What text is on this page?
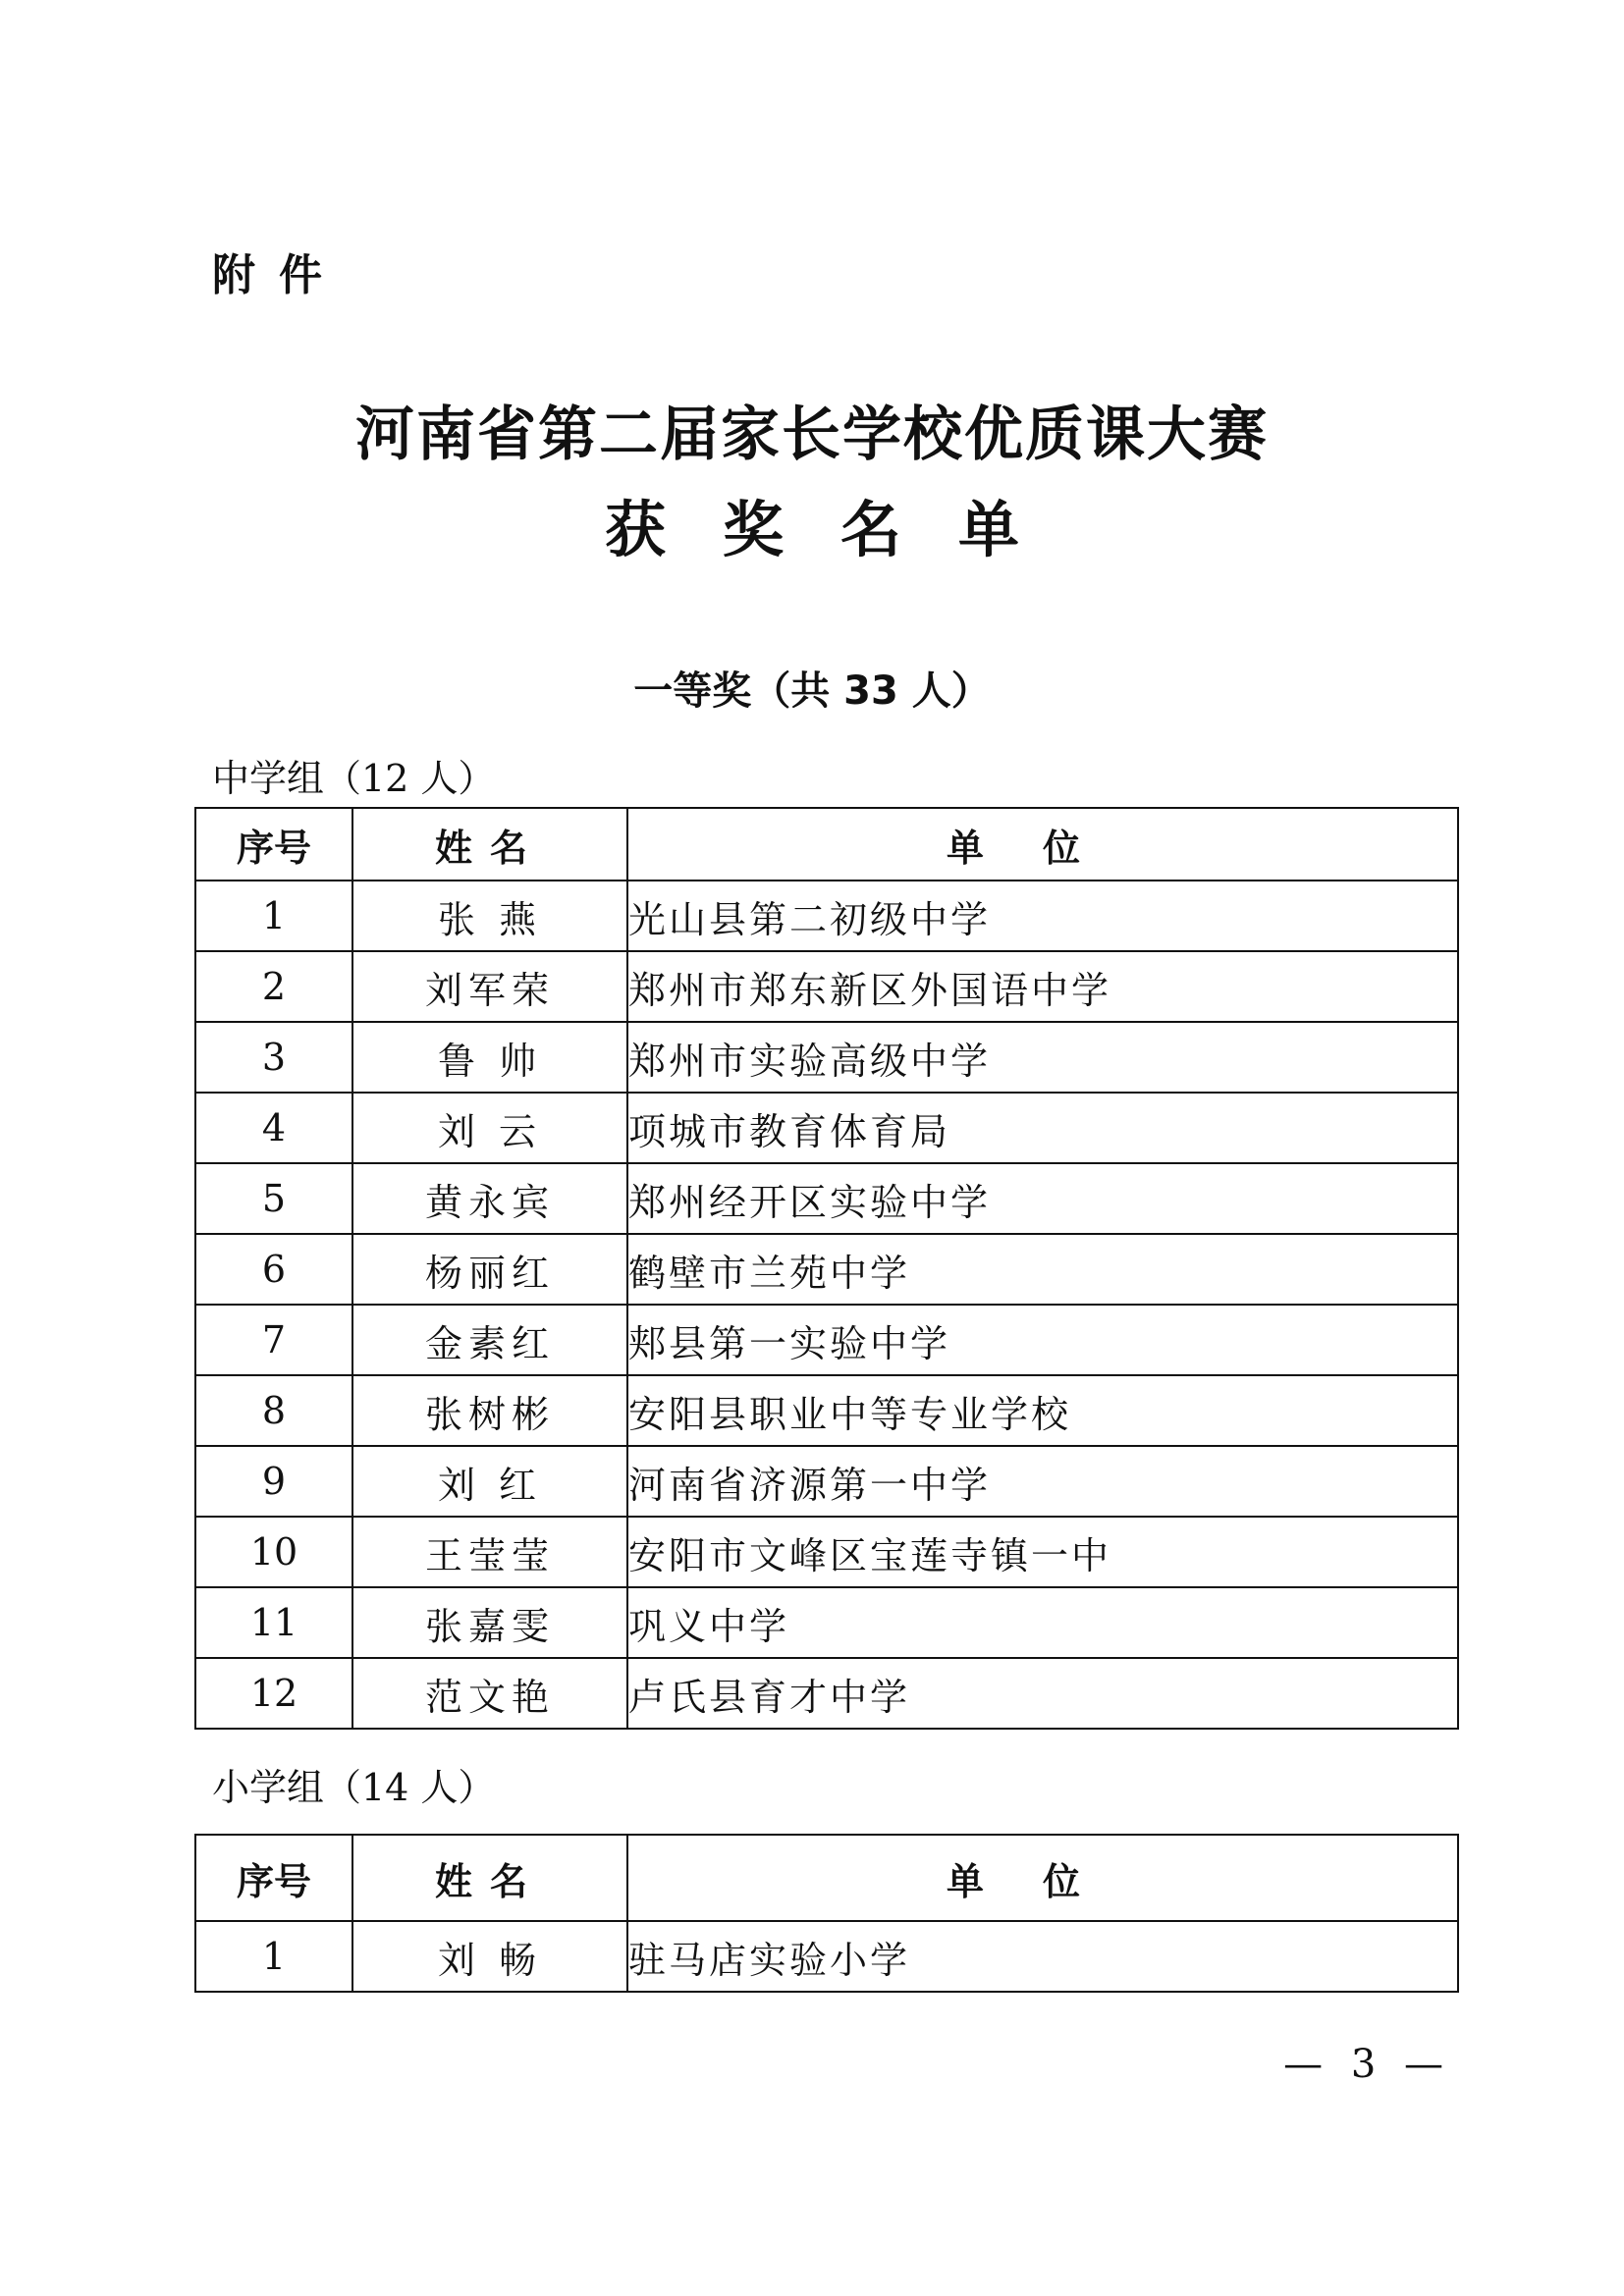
附件
河南省第二届家长学校优质课大赛
获奖名单
一等奖（共 33 人）
中学组（12 人）
序号	姓名	单位
1	张 燕	光山县第二初级中学
2	刘军荣	郑州市郑东新区外国语中学
3	鲁 帅	郑州市实验高级中学
4	刘 云	项城市教育体育局
5	黄永宾	郑州经开区实验中学
6	杨丽红	鹤壁市兰苑中学
7	金素红	郏县第一实验中学
8	张树彬	安阳县职业中等专业学校
9	刘 红	河南省济源第一中学
10	王莹莹	安阳市文峰区宝莲寺镇一中
11	张嘉雯	巩义中学
12	范文艳	卢氏县育才中学
小学组（14 人）
序号	姓名	单位
1	刘 畅	驻马店实验小学
— 3 —
